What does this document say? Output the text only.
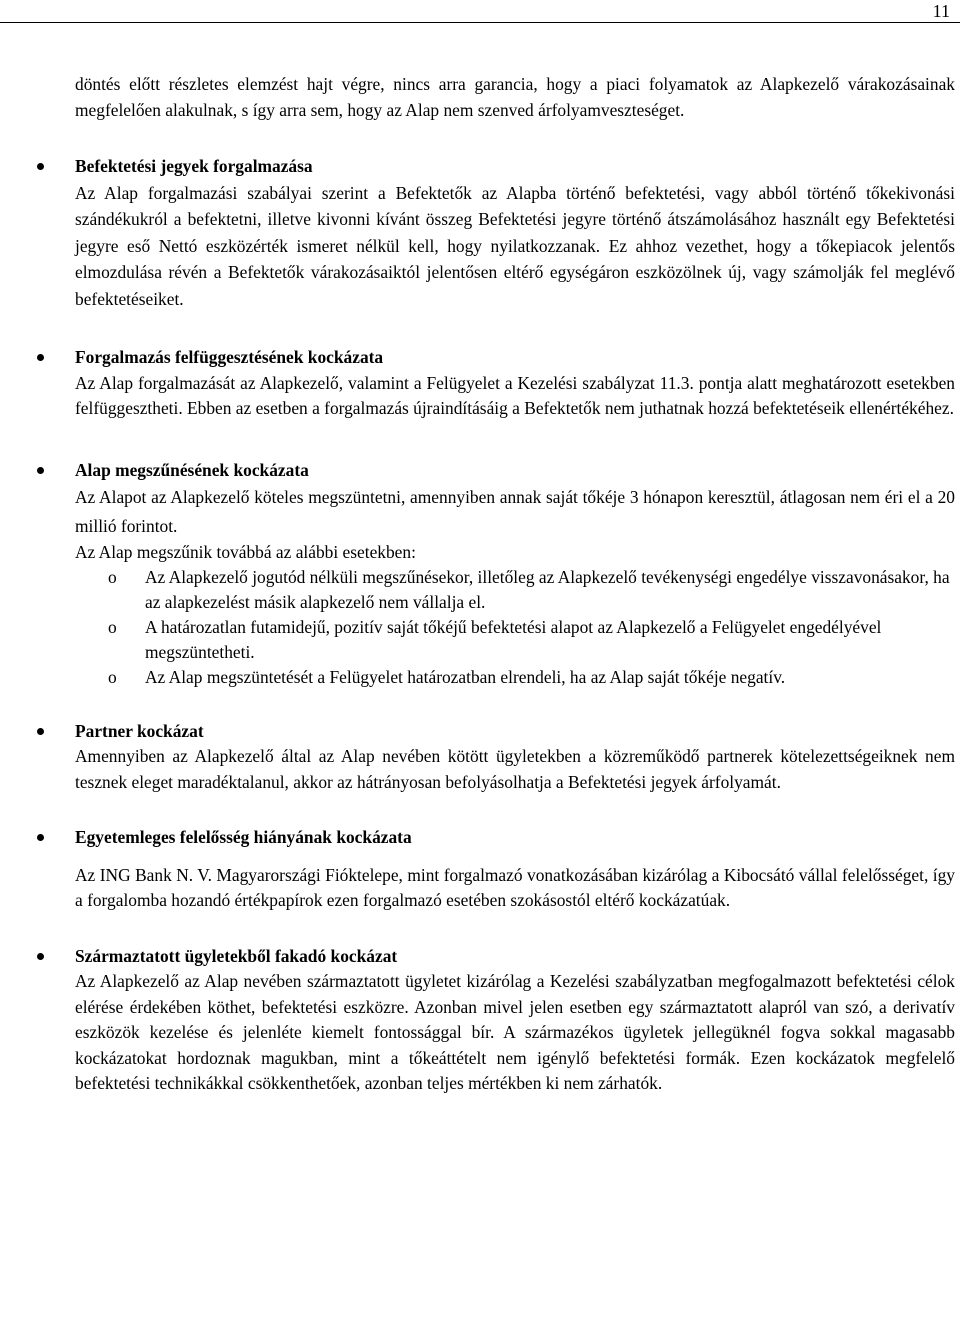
11

döntés előtt részletes elemzést hajt végre, nincs arra garancia, hogy a piaci folyamatok az Alapkezelő várakozásainak megfelelően alakulnak, s így arra sem, hogy az Alap nem szenved árfolyamveszteséget.

Befektetési jegyek forgalmazása

Az Alap forgalmazási szabályai szerint a Befektetők az Alapba történő befektetési, vagy abból történő tőkekivonási szándékukról a befektetni, illetve kivonni kívánt összeg Befektetési jegyre történő átszámolásához használt egy Befektetési jegyre eső Nettó eszközérték ismeret nélkül kell, hogy nyilatkozzanak. Ez ahhoz vezethet, hogy a tőkepiacok jelentős elmozdulása révén a Befektetők várakozásaiktól jelentősen eltérő egységáron eszközölnek új, vagy számolják fel meglévő befektetéseiket.

Forgalmazás felfüggesztésének kockázata

Az Alap forgalmazását az Alapkezelő, valamint a Felügyelet a Kezelési szabályzat 11.3. pontja alatt meghatározott esetekben felfüggesztheti. Ebben az esetben a forgalmazás újraindításáig a Befektetők nem juthatnak hozzá befektetéseik ellenértékéhez.

Alap megszűnésének kockázata

Az Alapot az Alapkezelő köteles megszüntetni, amennyiben annak saját tőkéje 3 hónapon keresztül, átlagosan nem éri el a 20 millió forintot.

Az Alap megszűnik továbbá az alábbi esetekben:

o Az Alapkezelő jogutód nélküli megszűnésekor, illetőleg az Alapkezelő tevékenységi engedélye visszavonásakor, ha az alapkezelést másik alapkezelő nem vállalja el.
o A határozatlan futamidejű, pozitív saját tőkéjű befektetési alapot az Alapkezelő a Felügyelet engedélyével megszüntetheti.
o Az Alap megszüntetését a Felügyelet határozatban elrendeli, ha az Alap saját tőkéje negatív.
Partner kockázat

Amennyiben az Alapkezelő által az Alap nevében kötött ügyletekben a közreműködő partnerek kötelezettségeiknek nem tesznek eleget maradéktalanul, akkor az hátrányosan befolyásolhatja a Befektetési jegyek árfolyamát.

Egyetemleges felelősség hiányának kockázata

Az ING Bank N. V. Magyarországi Fióktelepe, mint forgalmazó vonatkozásában kizárólag a Kibocsátó vállal felelősséget, így a forgalomba hozandó értékpapírok ezen forgalmazó esetében szokásostól eltérő kockázatúak.

Származtatott ügyletekből fakadó kockázat

Az Alapkezelő az Alap nevében származtatott ügyletet kizárólag a Kezelési szabályzatban megfogalmazott befektetési célok elérése érdekében köthet, befektetési eszközre. Azonban mivel jelen esetben egy származtatott alapról van szó, a derivatív eszközök kezelése és jelenléte kiemelt fontossággal bír. A származékos ügyletek jellegüknél fogva sokkal magasabb kockázatokat hordoznak magukban, mint a tőkeáttételt nem igénylő befektetési formák. Ezen kockázatok megfelelő befektetési technikákkal csökkenthetőek, azonban teljes mértékben ki nem zárhatók.
